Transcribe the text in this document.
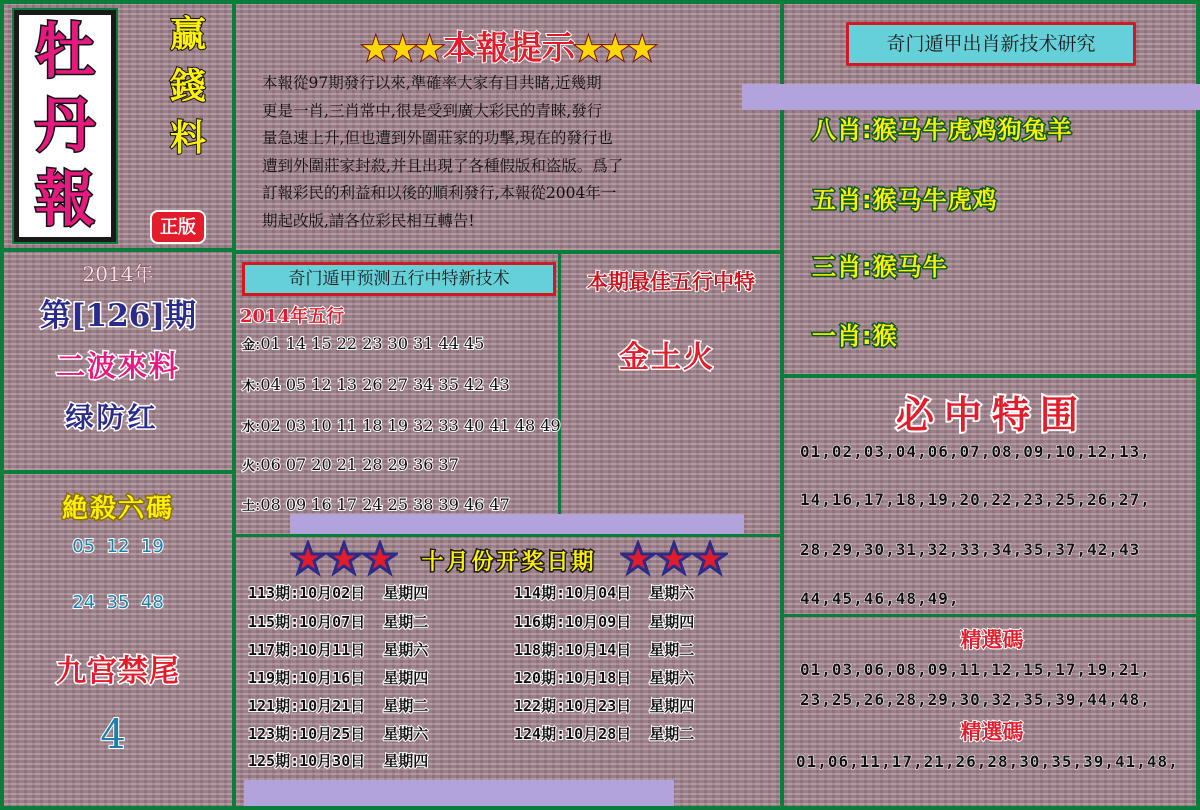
牡
丹
報
赢
錢
料
正版
★★★本報提示★★★
本報從97期發行以來,準確率大家有目共睹,近幾期
更是一肖,三肖常中,很是受到廣大彩民的青睞,發行
量急速上升,但也遭到外圍莊家的功擊,現在的發行也
遭到外圍莊家封殺,并且出現了各種假版和盗版。爲了
訂報彩民的利益和以後的順利發行,本報從2004年一
期起改版,請各位彩民相互轉告!
2014年
第[126]期
二波來料
绿防红
絶殺六碼
05  12  19
24  35  48
九宫禁尾
4
奇门遁甲预测五行中特新技术
2014年五行
金:01 14 15 22 23 30 31 44 45
木:04 05 12 13 26 27 34 35 42 43
水:02 03 10 11 18 19 32 33 40 41 48 49
火:06 07 20 21 28 29 36 37
土:08 09 16 17 24 25 38 39 46 47
本期最佳五行中特
金土火
十月份开奖日期
113期:10月02日  星期四	114期:10月04日  星期六
115期:10月07日  星期二	116期:10月09日  星期四
117期:10月11日  星期六	118期:10月14日  星期二
119期:10月16日  星期四	120期:10月18日  星期六
121期:10月21日  星期二	122期:10月23日  星期四
123期:10月25日  星期六	124期:10月28日  星期二
125期:10月30日  星期四
奇门遁甲出肖新技术研究
八肖:猴马牛虎鸡狗兔羊
五肖:猴马牛虎鸡
三肖:猴马牛
一肖:猴
必中特围
01,02,03,04,06,07,08,09,10,12,13,
14,16,17,18,19,20,22,23,25,26,27,
28,29,30,31,32,33,34,35,37,42,43
44,45,46,48,49,
精選碼
01,03,06,08,09,11,12,15,17,19,21,
23,25,26,28,29,30,32,35,39,44,48,
精選碼
01,06,11,17,21,26,28,30,35,39,41,48,
